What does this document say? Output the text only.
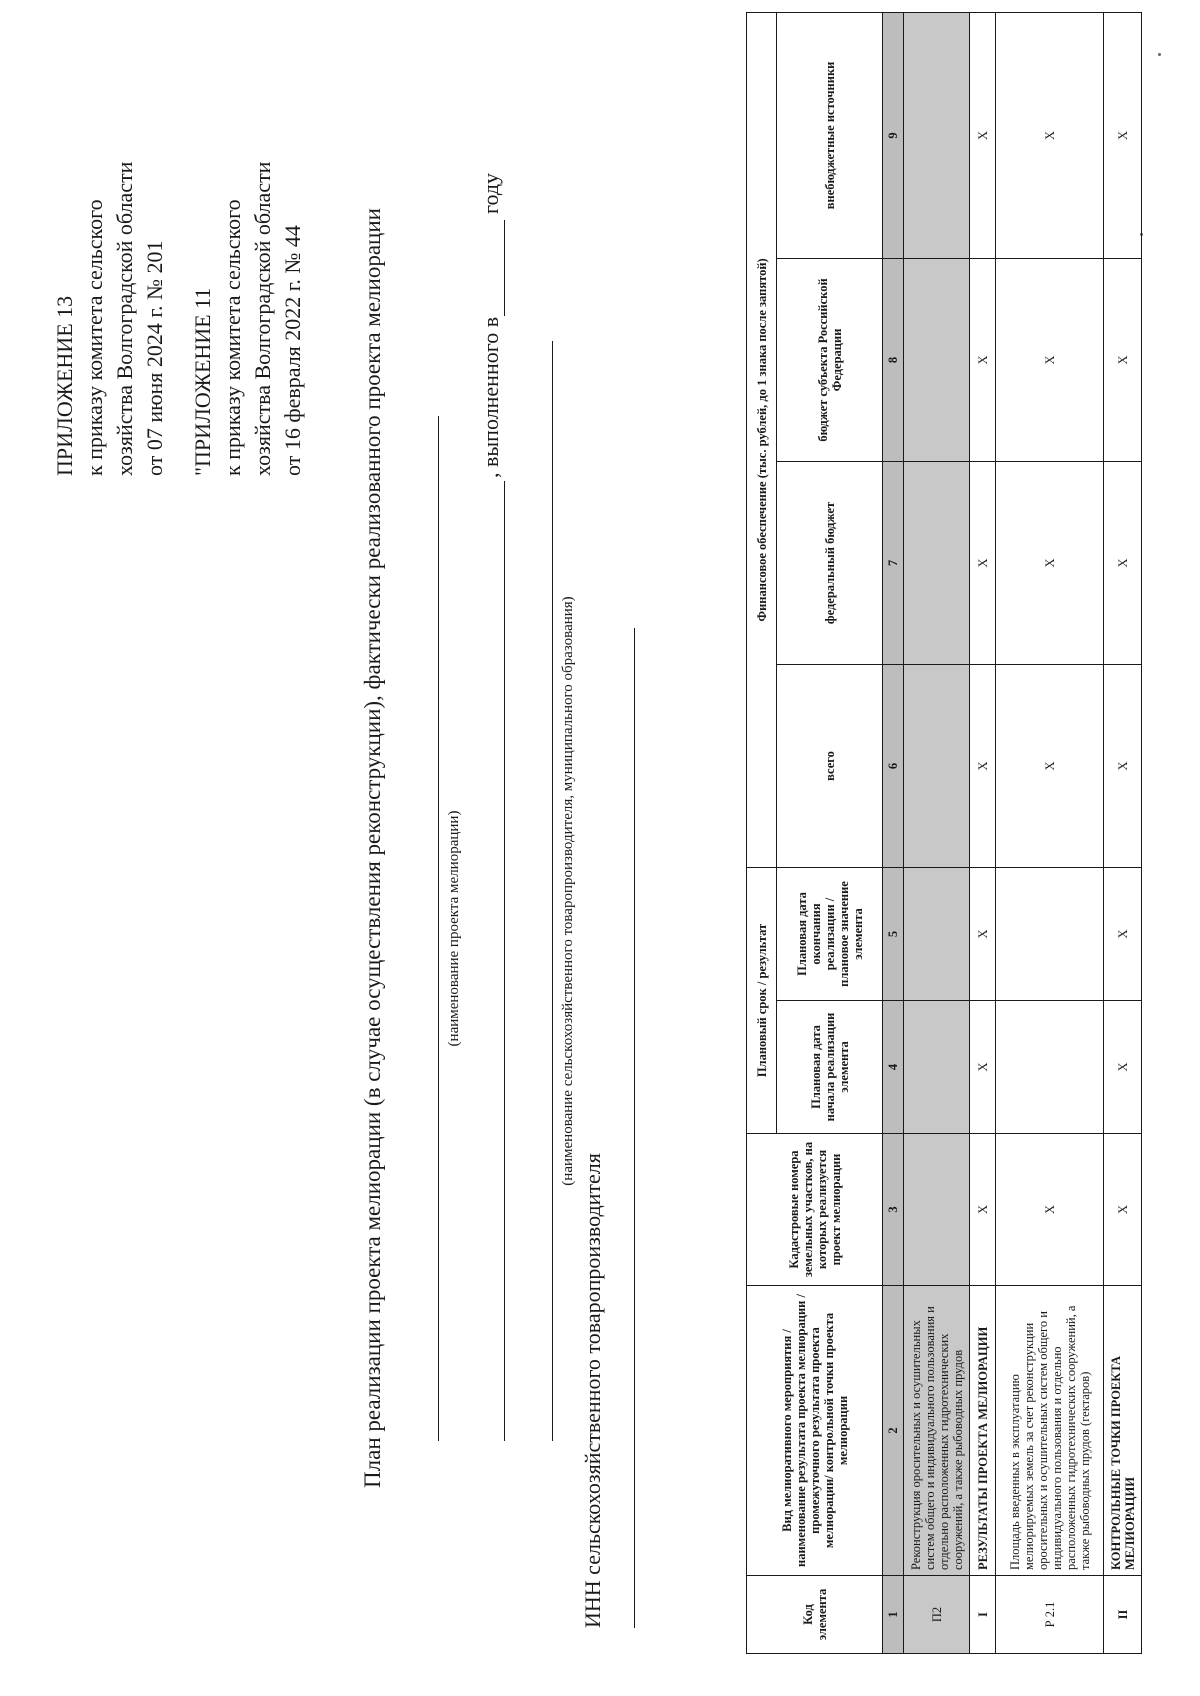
ПРИЛОЖЕНИЕ 13 к приказу комитета сельского хозяйства Волгоградской области от 07 июня 2024 г. № 201 "ПРИЛОЖЕНИЕ 11 к приказу комитета сельского хозяйства Волгоградской области от 16 февраля 2022 г. № 44 План реализации проекта мелиорации (в случае осуществления реконструкции), фактически реализованного проекта мелиорации	(наименование проекта мелиорации)
, выполненного в
году
(наименование сельскохозяйственного товаропроизводителя, муниципального образования)
ИНН сельскохозяйственного товаропроизводителя	Код элемента	Вид мелиоративного мероприятия / наименование результата проекта мелиорации /промежуточного результата проекта мелиорации/ контрольной точки проекта мелиорации	Кадастровые номера земельных участков, на которых реализуется проект мелиорации	Плановый срок / результат		Финансовое обеспечение (тыс. рублей, до 1 знака после запятой)			
			Плановая дата начала реализации элемента	Плановая дата окончания реализации / плановое значение элемента	всего	федеральный бюджет	бюджет субъекта Российской Федерации	внебюджетные источники
1	2	3	4	5	6	7	8	9
П2	Реконструкция оросительных и осушительных систем общего и индивидуального пользования и отдельно расположенных гидротехнических сооружений, а также рыбоводных прудов							
I	РЕЗУЛЬТАТЫ ПРОЕКТА МЕЛИОРАЦИИ	Х	Х	Х	Х	Х	Х	Х
Р 2.1	Площадь введенных в эксплуатацию мелиорируемых земель за счет реконструкции оросительных и осушительных систем общего и индивидуального пользования и отдельно расположенных гидротехнических сооружений, а также рыбоводных прудов (гектаров)	Х			Х	Х	Х	Х
II	КОНТРОЛЬНЫЕ ТОЧКИ ПРОЕКТА МЕЛИОРАЦИИ	Х	Х	Х	Х	Х	Х	Х
